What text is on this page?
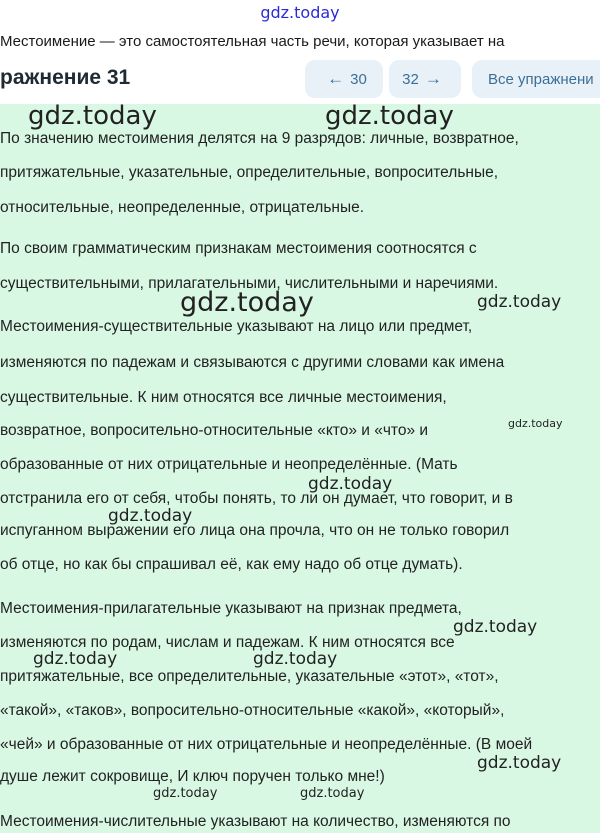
gdz.today
Местоимение — это самостоятельная часть речи, которая указывает на
ражнение 31	← 30 32 →	Все упражнени
По значению местоимения делятся на 9 разрядов: личные, возвратное,
притяжательные, указательные, определительные, вопросительные,
относительные, неопределенные, отрицательные.
По своим грамматическим признакам местоимения соотносятся с
существительными, прилагательными, числительными и наречиями.
Местоимения-существительные указывают на лицо или предмет,
изменяются по падежам и связываются с другими словами как имена
существительные. К ним относятся все личные местоимения,
возвратное, вопросительно-относительные «кто» и «что» и
образованные от них отрицательные и неопределённые. (Мать
отстранила его от себя, чтобы понять, то ли он думает, что говорит, и в
испуганном выражении его лица она прочла, что он не только говорил
об отце, но как бы спрашивал её, как ему надо об отце думать).
Местоимения-прилагательные указывают на признак предмета,
изменяются по родам, числам и падежам. К ним относятся все
притяжательные, все определительные, указательные «этот», «тот»,
«такой», «таков», вопросительно-относительные «какой», «который»,
«чей» и образованные от них отрицательные и неопределённые. (В моей
душе лежит сокровище, И ключ поручен только мне!)
Местоимения-числительные указывают на количество, изменяются по
gdz.today	gdz.today
gdz.today	gdz.today
gdz.today
gdz.today
gdz.today
gdz.today
gdz.today	gdz.today
gdz.today
gdz.today	gdz.today
